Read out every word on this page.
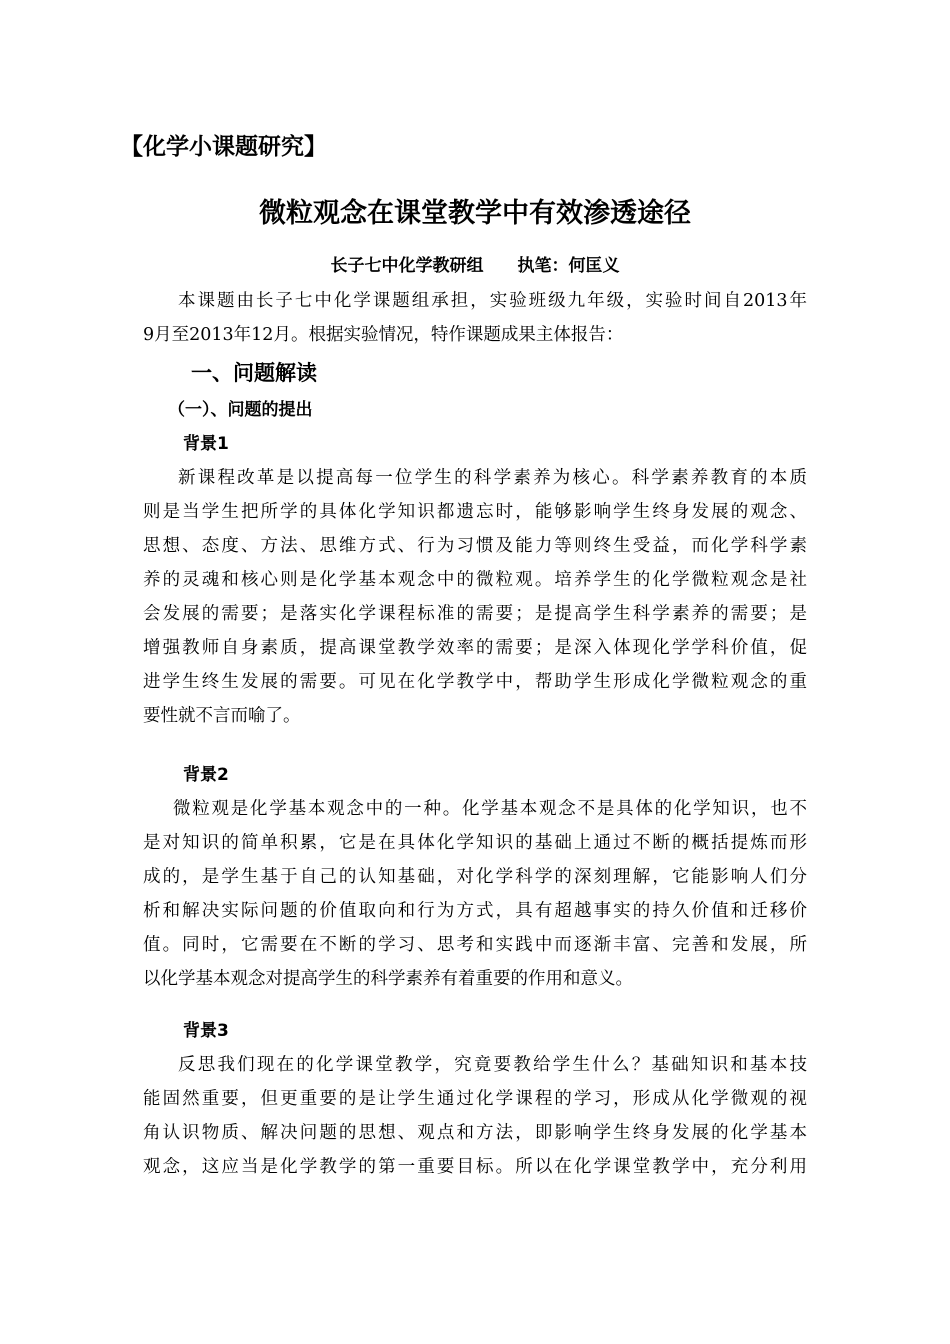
【化学小课题研究】
微粒观念在课堂教学中有效渗透途径
长子七中化学教研组 执笔：何匡义
本课题由长子七中化学课题组承担，实验班级九年级，实验时间自2013年
9月至2013年12月。根据实验情况，特作课题成果主体报告：
一、问题解读
（一）、问题的提出
背景1
新课程改革是以提高每一位学生的科学素养为核心。科学素养教育的本质
则是当学生把所学的具体化学知识都遗忘时，能够影响学生终身发展的观念、
思想、态度、方法、思维方式、行为习惯及能力等则终生受益，而化学科学素
养的灵魂和核心则是化学基本观念中的微粒观。培养学生的化学微粒观念是社
会发展的需要；是落实化学课程标准的需要；是提高学生科学素养的需要；是
增强教师自身素质，提高课堂教学效率的需要；是深入体现化学学科价值，促
进学生终生发展的需要。可见在化学教学中，帮助学生形成化学微粒观念的重
要性就不言而喻了。
背景2
微粒观是化学基本观念中的一种。化学基本观念不是具体的化学知识，也不
是对知识的简单积累，它是在具体化学知识的基础上通过不断的概括提炼而形
成的，是学生基于自己的认知基础，对化学科学的深刻理解，它能影响人们分
析和解决实际问题的价值取向和行为方式，具有超越事实的持久价值和迁移价
值。同时，它需要在不断的学习、思考和实践中而逐渐丰富、完善和发展，所
以化学基本观念对提高学生的科学素养有着重要的作用和意义。
背景3
反思我们现在的化学课堂教学，究竟要教给学生什么？基础知识和基本技
能固然重要，但更重要的是让学生通过化学课程的学习，形成从化学微观的视
角认识物质、解决问题的思想、观点和方法，即影响学生终身发展的化学基本
观念，这应当是化学教学的第一重要目标。所以在化学课堂教学中，充分利用
